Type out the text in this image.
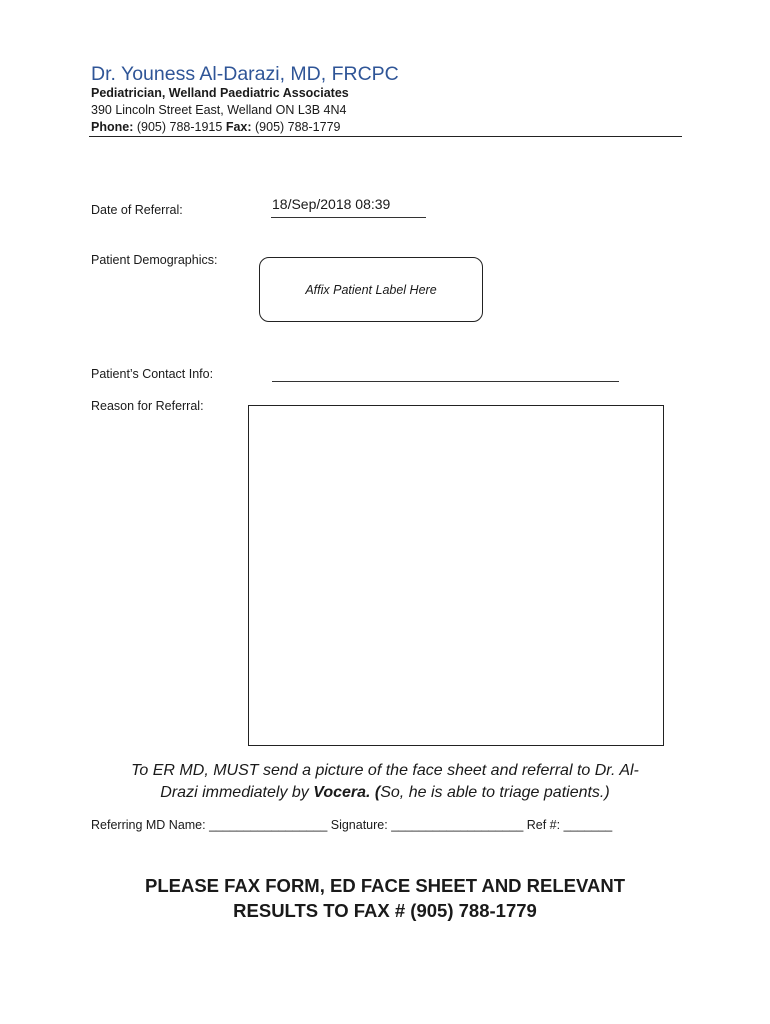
Dr. Youness Al-Darazi, MD, FRCPC
Pediatrician, Welland Paediatric Associates
390 Lincoln Street East, Welland ON L3B 4N4
Phone: (905) 788-1915 Fax: (905) 788-1779
Date of Referral:	18/Sep/2018 08:39
Patient Demographics:
Affix Patient Label Here
Patient’s Contact Info:
Reason for Referral:
To ER MD, MUST send a picture of the face sheet and referral to Dr. Al-
Drazi immediately by Vocera. (So, he is able to triage patients.)
Referring MD Name: _________________ Signature: ___________________ Ref #: _______
PLEASE FAX FORM, ED FACE SHEET AND RELEVANT
RESULTS TO FAX # (905) 788-1779
